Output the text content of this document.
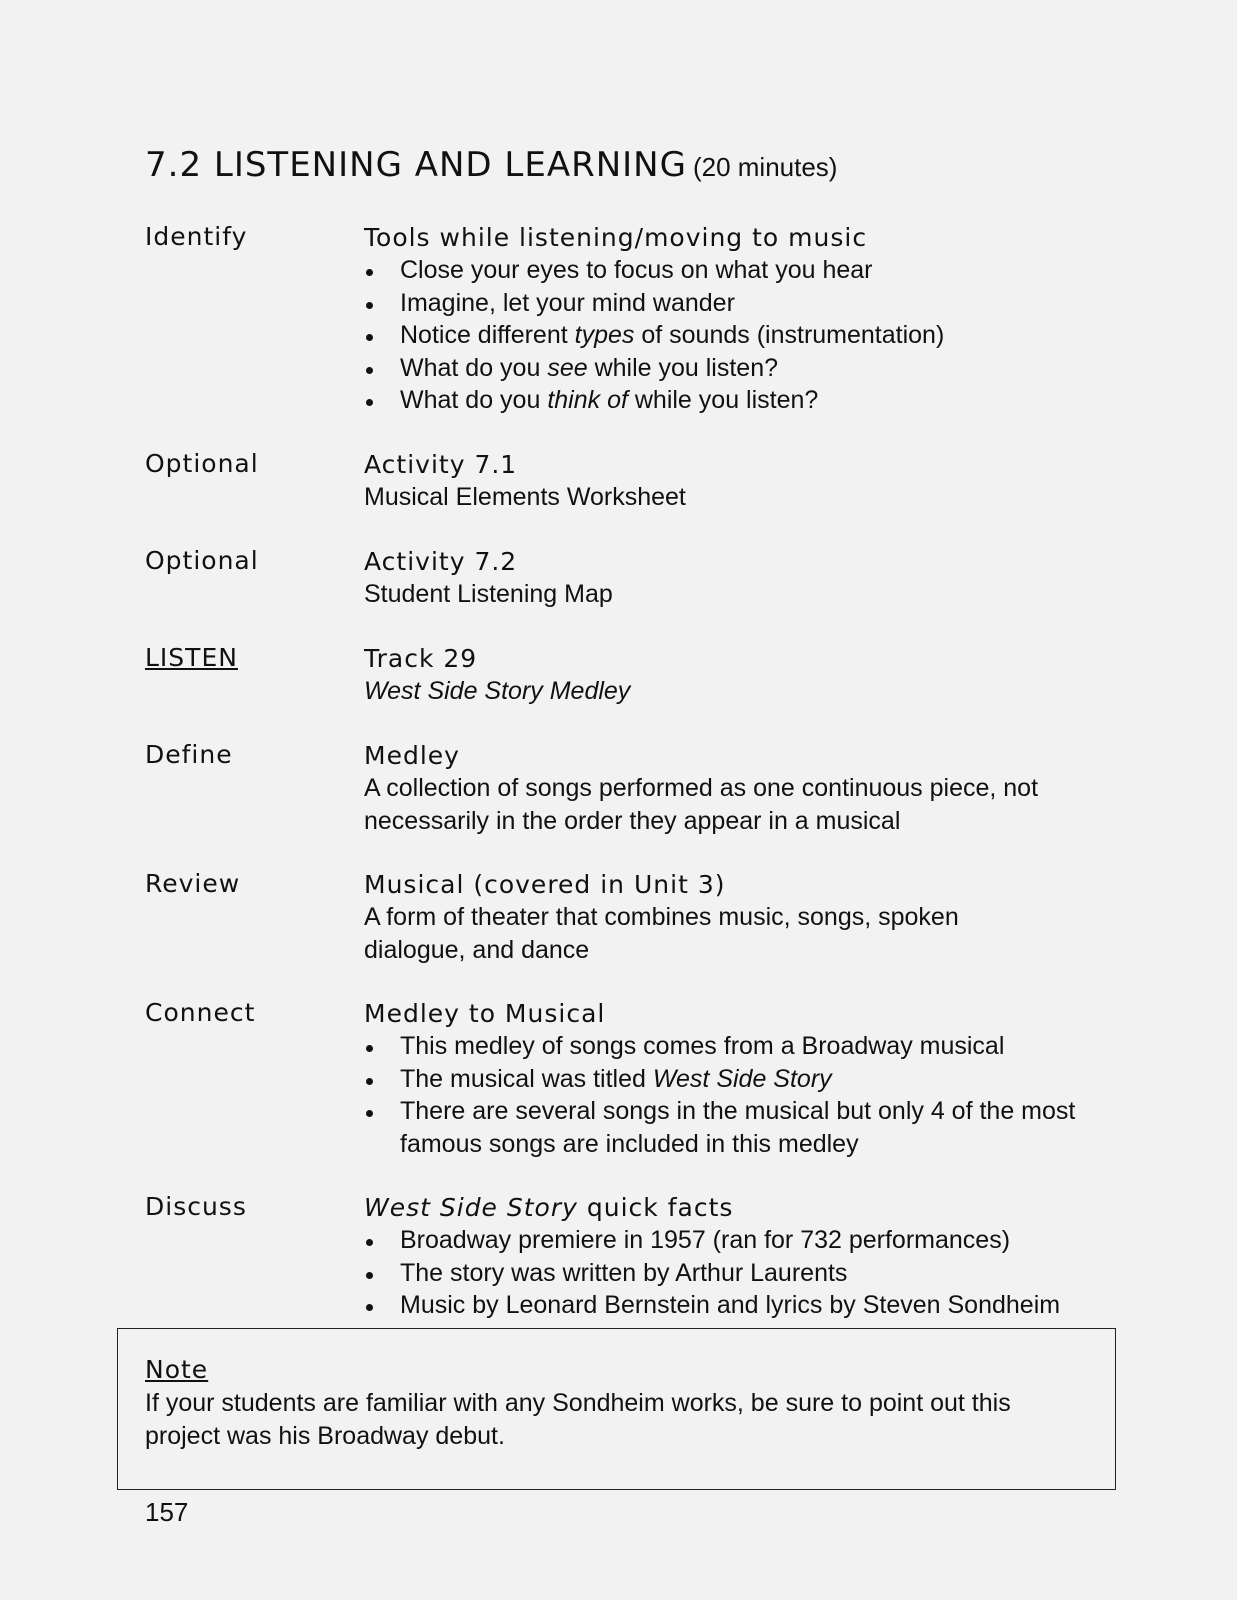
7.2 LISTENING AND LEARNING (20 minutes)
Identify	Tools while listening/moving to music
Close your eyes to focus on what you hear
Imagine, let your mind wander
Notice different types of sounds (instrumentation)
What do you see while you listen?
What do you think of while you listen?
Optional	Activity 7.1
Musical Elements Worksheet
Optional	Activity 7.2
Student Listening Map
LISTEN	Track 29
West Side Story Medley
Define	Medley
A collection of songs performed as one continuous piece, not
necessarily in the order they appear in a musical
Review	Musical (covered in Unit 3)
A form of theater that combines music, songs, spoken
dialogue, and dance
Connect	Medley to Musical
This medley of songs comes from a Broadway musical
The musical was titled West Side Story
There are several songs in the musical but only 4 of the most famous songs are included in this medley
Discuss	West Side Story quick facts
Broadway premiere in 1957 (ran for 732 performances)
The story was written by Arthur Laurents
Music by Leonard Bernstein and lyrics by Steven Sondheim
Note
If your students are familiar with any Sondheim works, be sure to point out this
project was his Broadway debut.
157
